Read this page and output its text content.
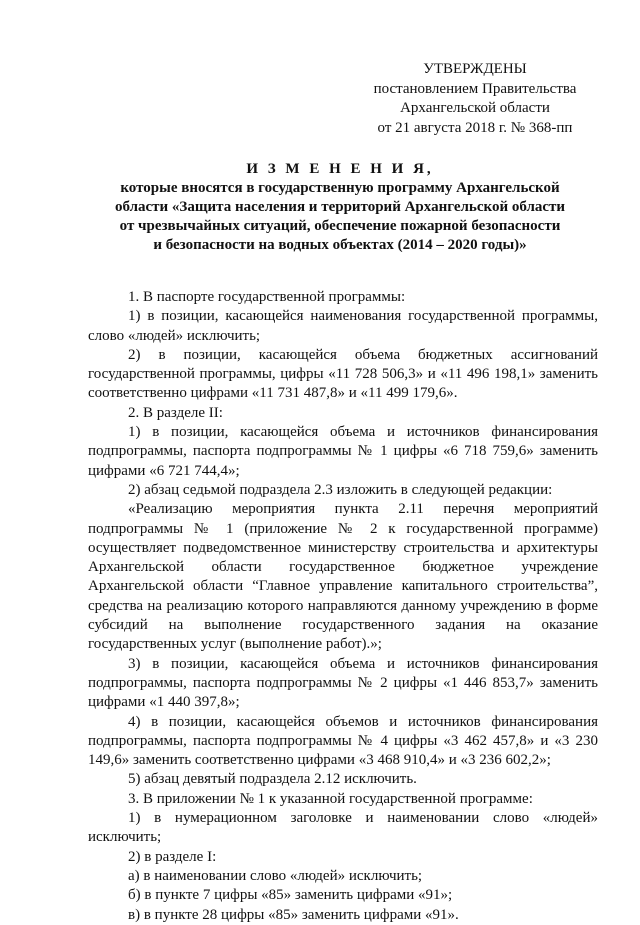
УТВЕРЖДЕНЫ
постановлением Правительства
Архангельской области
от 21 августа 2018 г. № 368-пп
И З М Е Н Е Н И Я,
которые вносятся в государственную программу Архангельской
области «Защита населения и территорий Архангельской области
от чрезвычайных ситуаций, обеспечение пожарной безопасности
и безопасности на водных объектах (2014 – 2020 годы)»

1. В паспорте государственной программы:

1) в позиции, касающейся наименования государственной программы, слово «людей» исключить;

2) в позиции, касающейся объема бюджетных ассигнований государственной программы, цифры «11 728 506,3» и «11 496 198,1» заменить соответственно цифрами «11 731 487,8» и «11 499 179,6».

2. В разделе II:

1) в позиции, касающейся объема и источников финансирования подпрограммы, паспорта подпрограммы № 1 цифры «6 718 759,6» заменить цифрами «6 721 744,4»;

2) абзац седьмой подраздела 2.3 изложить в следующей редакции:

«Реализацию мероприятия пункта 2.11 перечня мероприятий подпрограммы № 1 (приложение № 2 к государственной программе) осуществляет подведомственное министерству строительства и архитектуры Архангельской области государственное бюджетное учреждение Архангельской области “Главное управление капитального строительства”, средства на реализацию которого направляются данному учреждению в форме субсидий на выполнение государственного задания на оказание государственных услуг (выполнение работ).»;

3) в позиции, касающейся объема и источников финансирования подпрограммы, паспорта подпрограммы № 2 цифры «1 446 853,7» заменить цифрами «1 440 397,8»;

4) в позиции, касающейся объемов и источников финансирования подпрограммы, паспорта подпрограммы № 4 цифры «3 462 457,8» и «3 230 149,6» заменить соответственно цифрами «3 468 910,4» и «3 236 602,2»;

5) абзац девятый подраздела 2.12 исключить.

3. В приложении № 1 к указанной государственной программе:

1) в нумерационном заголовке и наименовании слово «людей» исключить;

2) в разделе I:

а) в наименовании слово «людей» исключить;

б) в пункте 7 цифры «85» заменить цифрами «91»;

в) в пункте 28 цифры «85» заменить цифрами «91».
